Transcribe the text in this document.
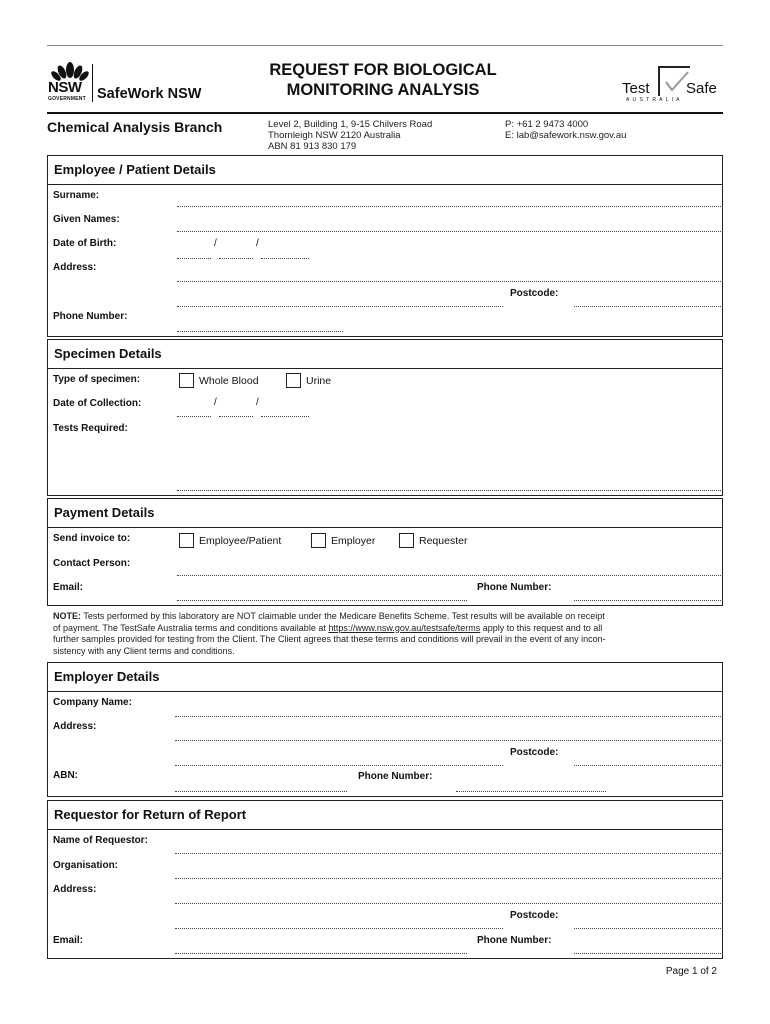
NSW
GOVERNMENT SafeWork NSW
REQUEST FOR BIOLOGICAL
MONITORING ANALYSIS	Test Safe
A U S T R A L I A
Chemical Analysis Branch	Level 2, Building 1, 9-15 Chilvers Road
Thornleigh NSW 2120 Australia
ABN 81 913 830 179
P: +61 2 9473 4000
E: lab@safework.nsw.gov.au
Employee / Patient Details
Surname:
Given Names:
Date of Birth:	/	/
Address:
Postcode:
Phone Number:
Specimen Details
Type of specimen:	Whole Blood	Urine
Date of Collection:	/	/
Tests Required:
Payment Details
Send invoice to:	Employee/Patient	Employer	Requester
Contact Person:
Email:	Phone Number:
NOTE: Tests performed by this laboratory are NOT claimable under the Medicare Benefits Scheme. Test results will be available on receipt
of payment. The TestSafe Australia terms and conditions available at https://www.nsw.gov.au/testsafe/terms apply to this request and to all
further samples provided for testing from the Client. The Client agrees that these terms and conditions will prevail in the event of any incon-
sistency with any Client terms and conditions.
Employer Details
Company Name:
Address:
Postcode:
ABN:	Phone Number:
Requestor for Return of Report
Name of Requestor:
Organisation:
Address:
Postcode:
Email:	Phone Number:
Page 1 of 2
